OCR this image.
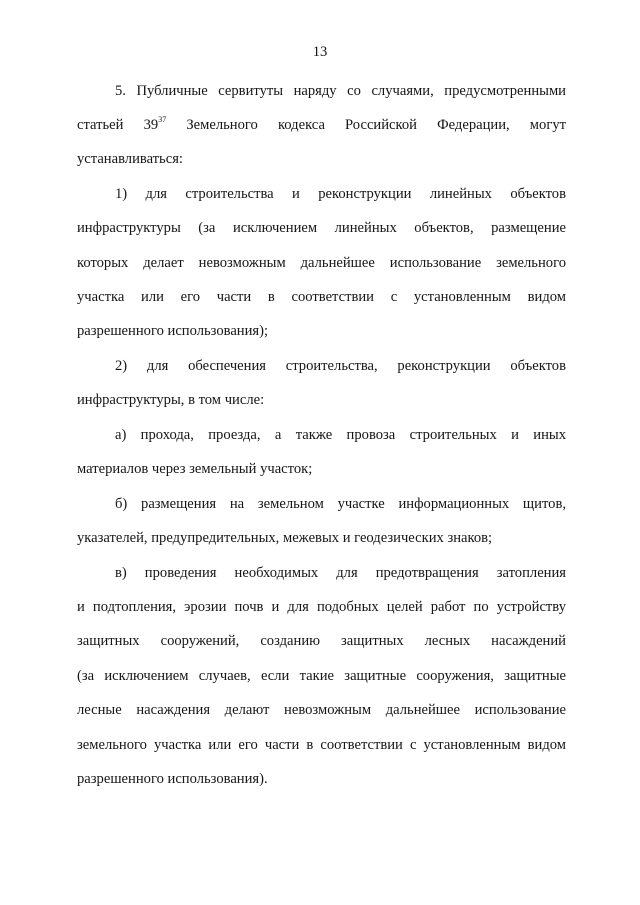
13
5. Публичные сервитуты наряду со случаями, предусмотренными
статьей $39^{37}$ Земельного кодекса Российской Федерации, могут
устанавливаться:
1) для строительства и реконструкции линейных объектов
инфраструктуры (за исключением линейных объектов, размещение
которых делает невозможным дальнейшее использование земельного
участка или его части в соответствии с установленным видом
разрешенного использования);
2) для обеспечения строительства, реконструкции объектов
инфраструктуры, в том числе:
а) прохода, проезда, а также провоза строительных и иных
материалов через земельный участок;
б) размещения на земельном участке информационных щитов,
указателей, предупредительных, межевых и геодезических знаков;
в) проведения необходимых для предотвращения затопления
и подтопления, эрозии почв и для подобных целей работ по устройству
защитных сооружений, созданию защитных лесных насаждений
(за исключением случаев, если такие защитные сооружения, защитные
лесные насаждения делают невозможным дальнейшее использование
земельного участка или его части в соответствии с установленным видом
разрешенного использования).
